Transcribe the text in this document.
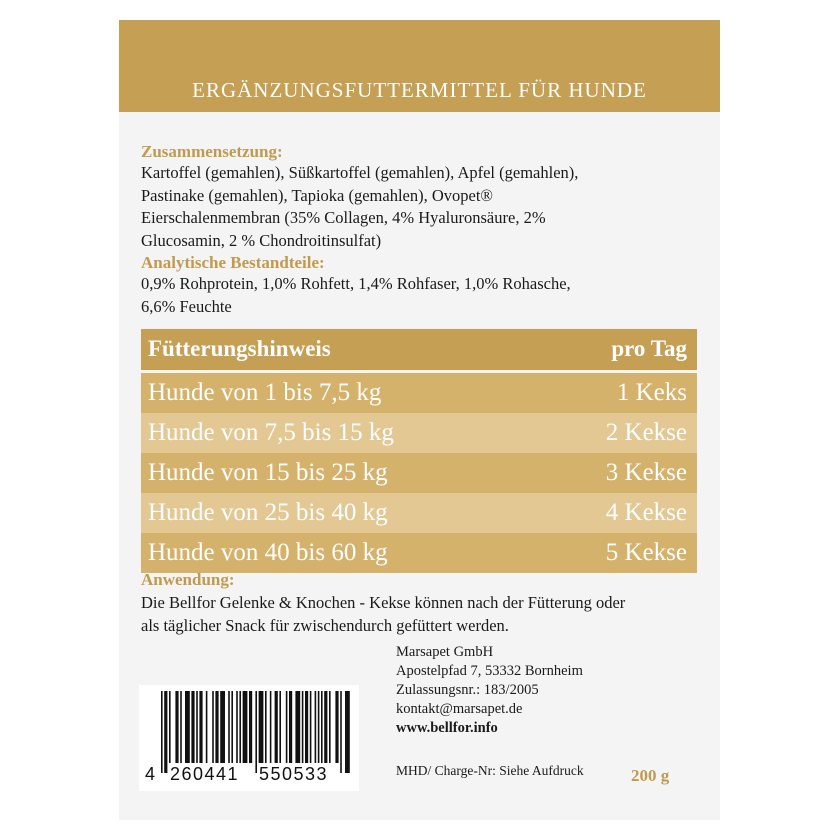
ERGÄNZUNGSFUTTERMITTEL FÜR HUNDE
Zusammensetzung:
Kartoffel (gemahlen), Süßkartoffel (gemahlen), Apfel (gemahlen),
Pastinake (gemahlen), Tapioka (gemahlen), Ovopet®
Eierschalenmembran (35% Collagen, 4% Hyaluronsäure, 2%
Glucosamin, 2 % Chondroitinsulfat)
Analytische Bestandteile:
0,9% Rohprotein, 1,0% Rohfett, 1,4% Rohfaser, 1,0% Rohasche,
6,6% Feuchte
Fütterungshinweis	pro Tag
Hunde von 1 bis 7,5 kg	1 Keks
Hunde von 7,5 bis 15 kg	2 Kekse
Hunde von 15 bis 25 kg	3 Kekse
Hunde von 25 bis 40 kg	4 Kekse
Hunde von 40 bis 60 kg	5 Kekse
Anwendung:
Die Bellfor Gelenke & Knochen - Kekse können nach der Fütterung oder
als täglicher Snack für zwischendurch gefüttert werden.
Marsapet GmbH
Apostelpfad 7, 53332 Bornheim
Zulassungsnr.: 183/2005
kontakt@marsapet.de
www.bellfor.info
MHD/ Charge-Nr: Siehe Aufdruck	200 g
4 260441 550533
